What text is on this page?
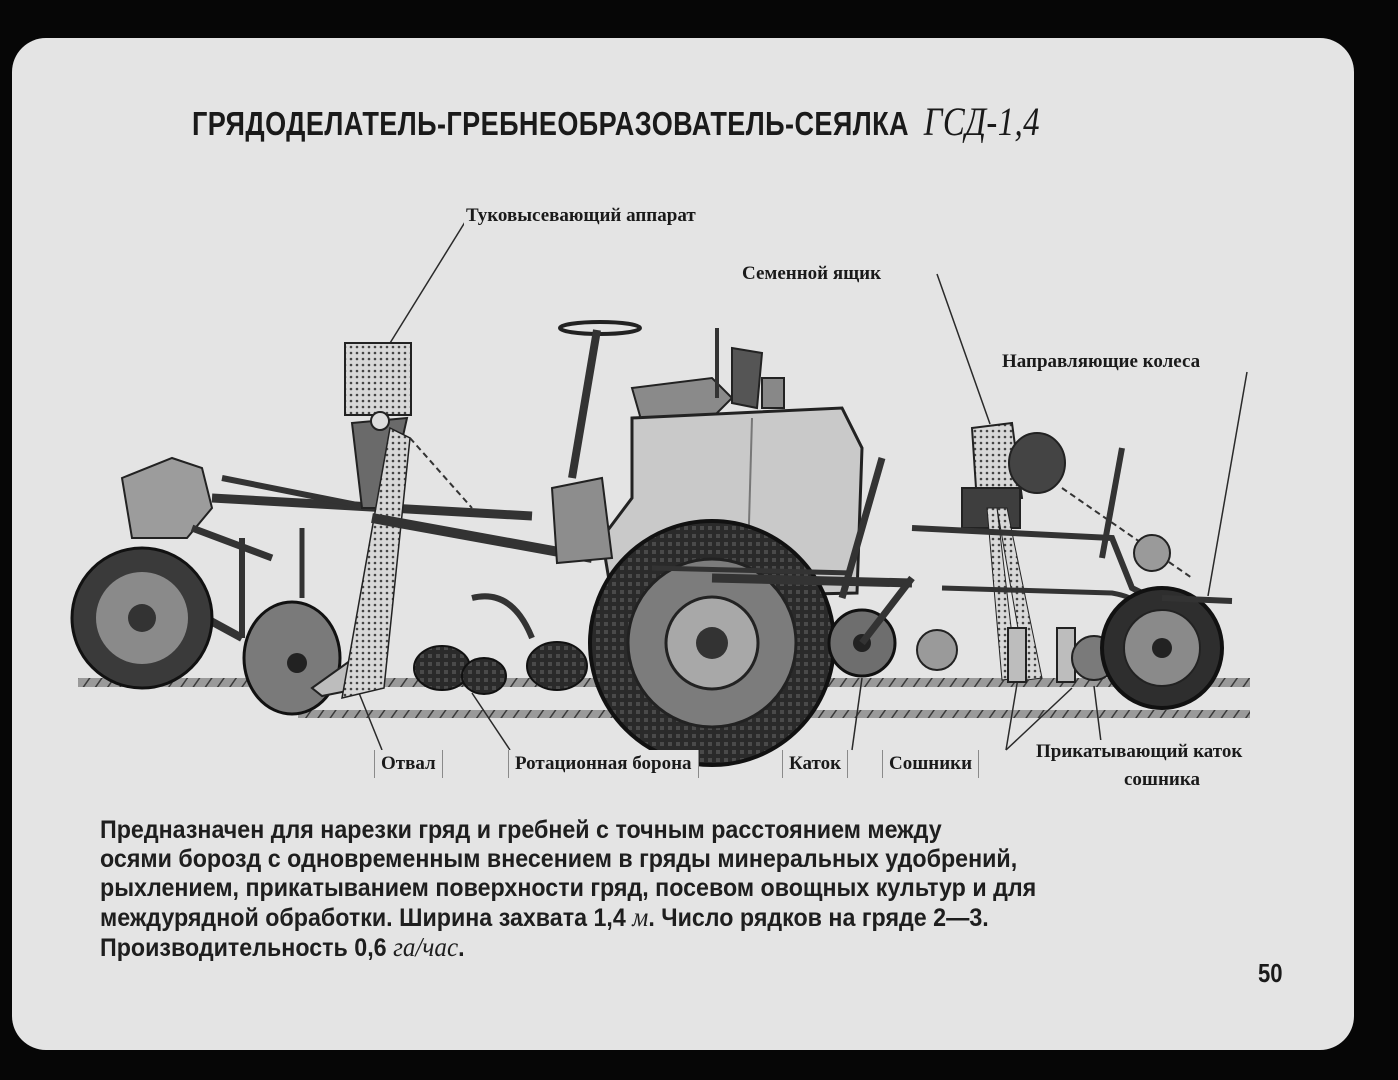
ГРЯДОДЕЛАТЕЛЬ-ГРЕБНЕОБРАЗОВАТЕЛЬ-СЕЯЛКА ГСД-1,4
Туковысевающий аппарат
Семенной ящик
Направляющие колеса
Отвал	Ротационная борона	Каток	Сошники
Прикатывающий каток
сошника
Предназначен для нарезки гряд и гребней с точным расстоянием между
осями борозд с одновременным внесением в гряды минеральных удобрений,
рыхлением, прикатыванием поверхности гряд, посевом овощных культур и для
междурядной обработки. Ширина захвата 1,4 м. Число рядков на гряде 2—3.
Производительность 0,6 га/час.
50
